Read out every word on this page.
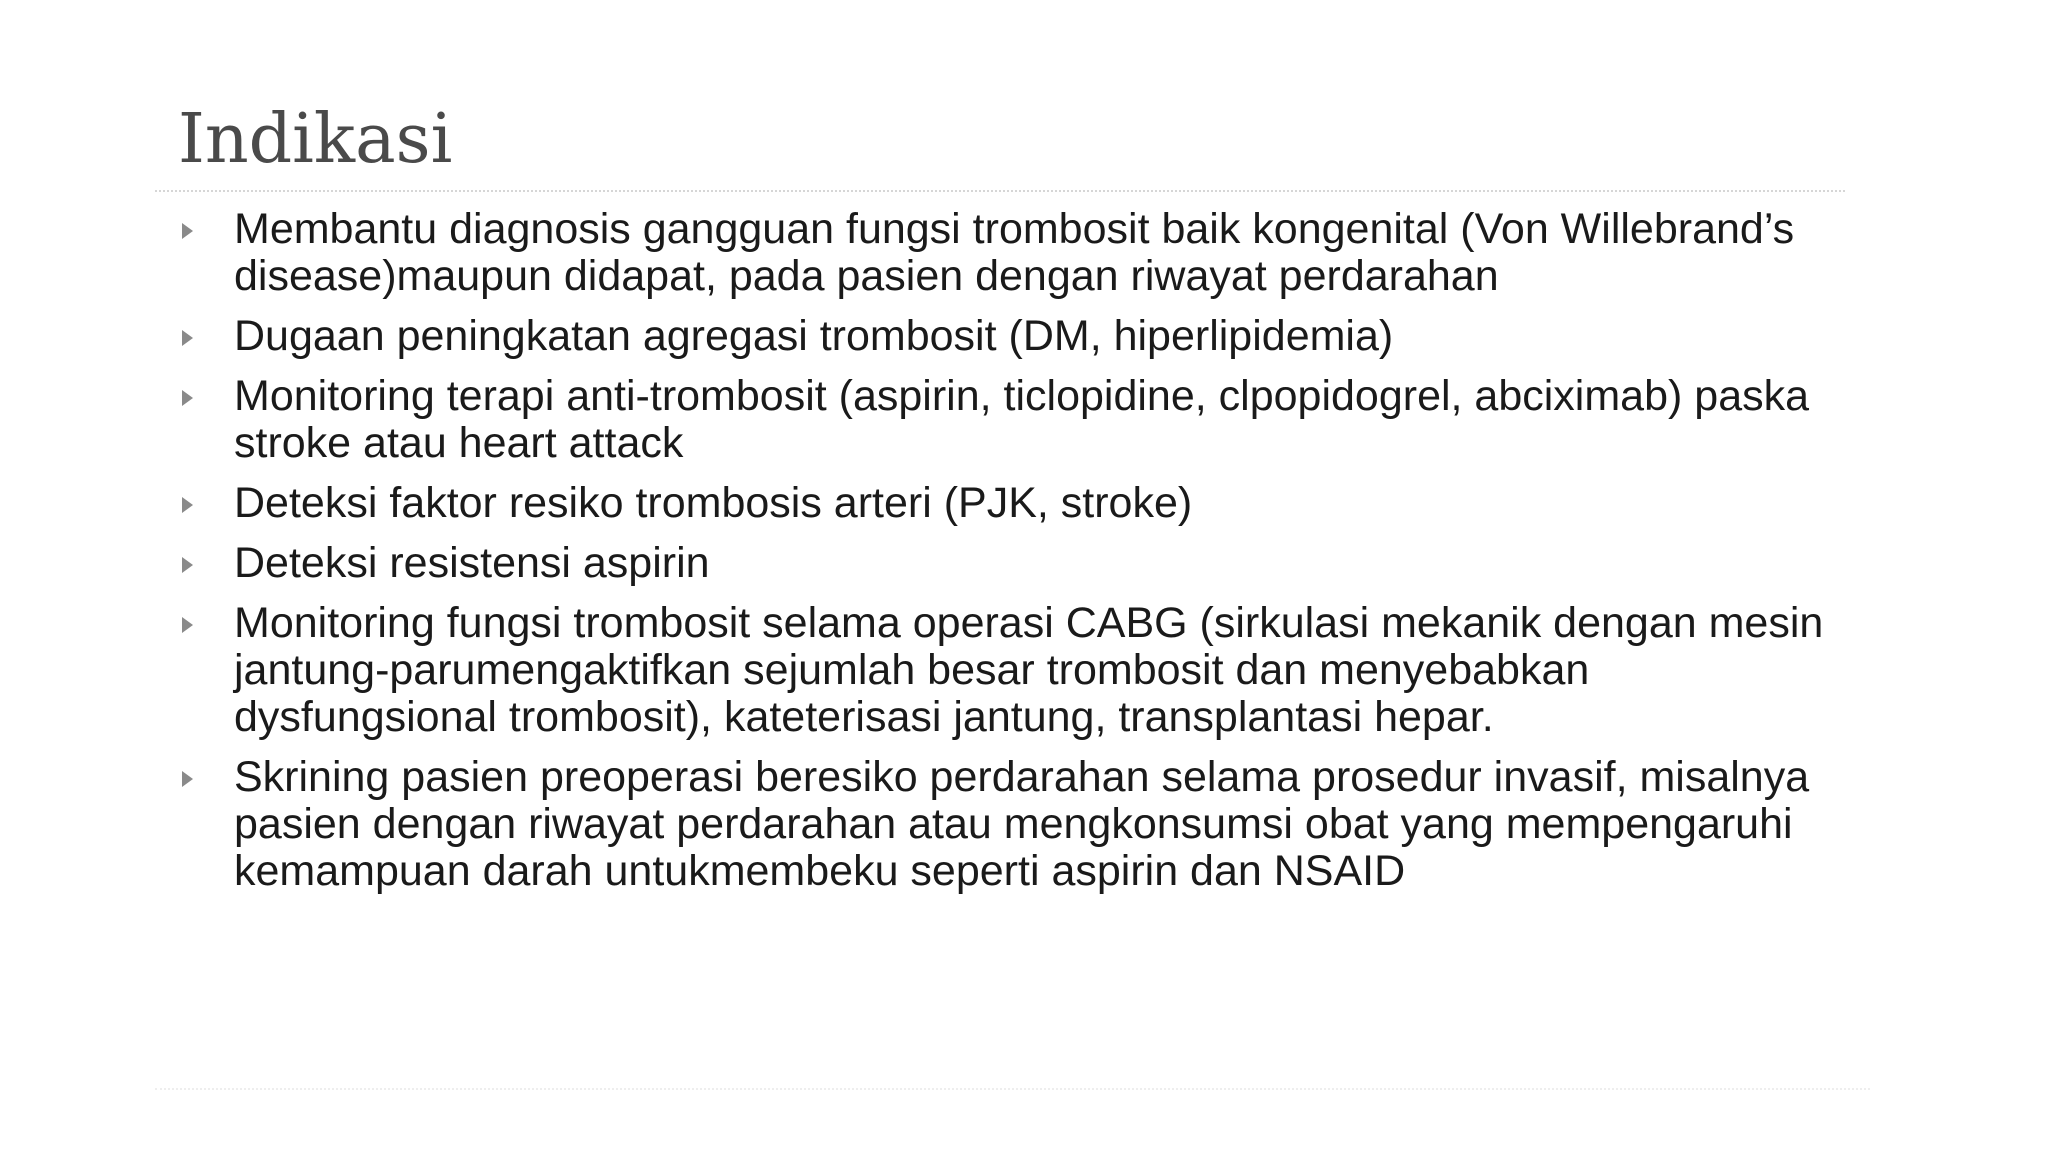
Indikasi
Membantu diagnosis gangguan fungsi trombosit baik kongenital (Von Willebrand’s disease)maupun didapat, pada pasien dengan riwayat perdarahan
Dugaan peningkatan agregasi trombosit (DM, hiperlipidemia)
Monitoring terapi anti-trombosit (aspirin, ticlopidine, clpopidogrel, abciximab) paska stroke atau heart attack
Deteksi faktor resiko trombosis arteri (PJK, stroke)
Deteksi resistensi aspirin
Monitoring fungsi trombosit selama operasi CABG (sirkulasi mekanik dengan mesin jantung-parumengaktifkan sejumlah besar trombosit dan menyebabkan dysfungsional trombosit), kateterisasi jantung, transplantasi hepar.
Skrining pasien preoperasi beresiko perdarahan selama prosedur invasif, misalnya pasien dengan riwayat perdarahan atau mengkonsumsi obat yang mempengaruhi kemampuan darah untukmembeku seperti aspirin dan NSAID
